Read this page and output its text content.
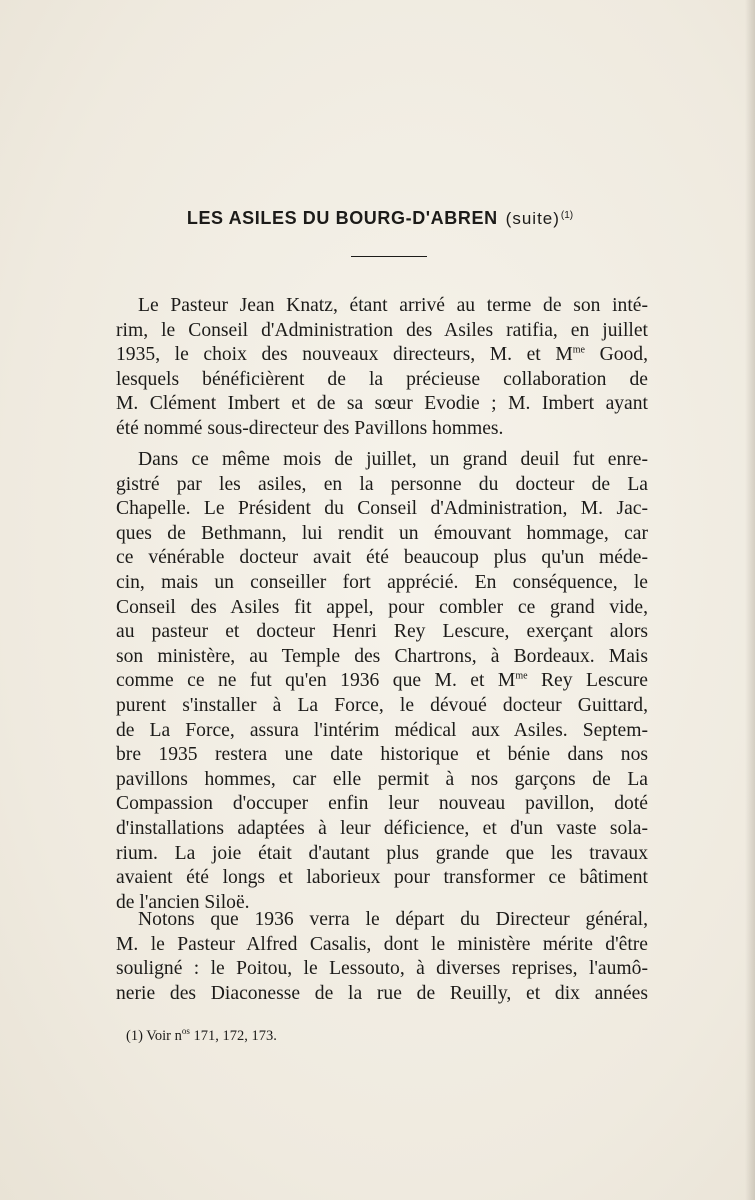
LES ASILES DU BOURG-D'ABREN (suite)$^{(1)}$
Le Pasteur Jean Knatz, étant arrivé au terme de son inté-
rim, le Conseil d'Administration des Asiles ratifia, en juillet
1935, le choix des nouveaux directeurs, M. et $M^{me}$ Good,
lesquels bénéficièrent de la précieuse collaboration de
M. Clément Imbert et de sa sœur Evodie ; M. Imbert ayant
été nommé sous-directeur des Pavillons hommes.
Dans ce même mois de juillet, un grand deuil fut enre-
gistré par les asiles, en la personne du docteur de La
Chapelle. Le Président du Conseil d'Administration, M. Jac-
ques de Bethmann, lui rendit un émouvant hommage, car
ce vénérable docteur avait été beaucoup plus qu'un méde-
cin, mais un conseiller fort apprécié. En conséquence, le
Conseil des Asiles fit appel, pour combler ce grand vide,
au pasteur et docteur Henri Rey Lescure, exerçant alors
son ministère, au Temple des Chartrons, à Bordeaux. Mais
comme ce ne fut qu'en 1936 que M. et $M^{me}$ Rey Lescure
purent s'installer à La Force, le dévoué docteur Guittard,
de La Force, assura l'intérim médical aux Asiles. Septem-
bre 1935 restera une date historique et bénie dans nos
pavillons hommes, car elle permit à nos garçons de La
Compassion d'occuper enfin leur nouveau pavillon, doté
d'installations adaptées à leur déficience, et d'un vaste sola-
rium. La joie était d'autant plus grande que les travaux
avaient été longs et laborieux pour transformer ce bâtiment
de l'ancien Siloë.
Notons que 1936 verra le départ du Directeur général,
M. le Pasteur Alfred Casalis, dont le ministère mérite d'être
souligné : le Poitou, le Lessouto, à diverses reprises, l'aumô-
nerie des Diaconesse de la rue de Reuilly, et dix années
(1) Voir $n^{os}$ 171, 172, 173.
